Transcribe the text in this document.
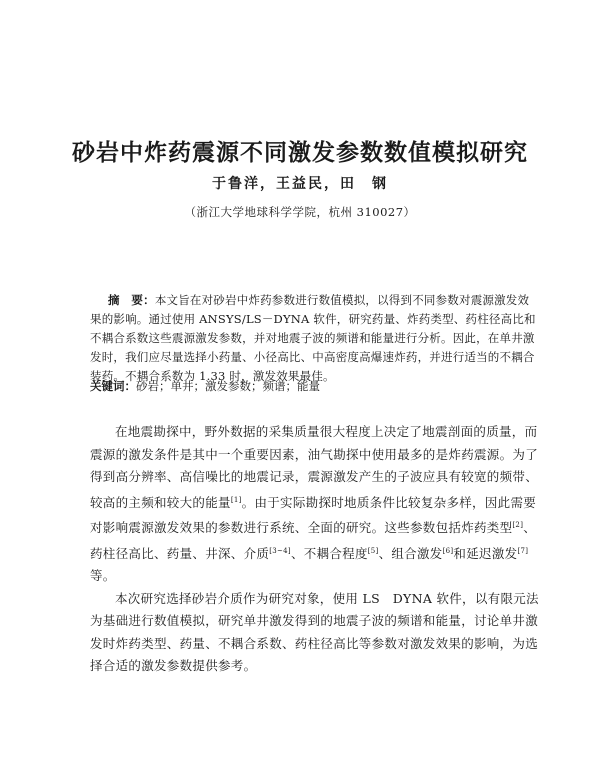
砂岩中炸药震源不同激发参数数值模拟研究
于鲁洋，王益民，田　钢
（浙江大学地球科学学院，杭州 310027）
摘　要：本文旨在对砂岩中炸药参数进行数值模拟，以得到不同参数对震源激发效果的影响。通过使用 ANSYS/LS－DYNA 软件，研究药量、炸药类型、药柱径高比和不耦合系数这些震源激发参数，并对地震子波的频谱和能量进行分析。因此，在单井激发时，我们应尽量选择小药量、小径高比、中高密度高爆速炸药，并进行适当的不耦合装药。不耦合系数为 1.33 时，激发效果最佳。
关键词：砂岩；单井；激发参数；频谱；能量

在地震勘探中，野外数据的采集质量很大程度上决定了地震剖面的质量，而震源的激发条件是其中一个重要因素，油气勘探中使用最多的是炸药震源。为了得到高分辨率、高信噪比的地震记录，震源激发产生的子波应具有较宽的频带、较高的主频和较大的能量[1]。由于实际勘探时地质条件比较复杂多样，因此需要对影响震源激发效果的参数进行系统、全面的研究。这些参数包括炸药类型[2]、药柱径高比、药量、井深、介质[3~4]、不耦合程度[5]、组合激发[6]和延迟激发[7]等。

本次研究选择砂岩介质作为研究对象，使用 LS　DYNA 软件，以有限元法为基础进行数值模拟，研究单井激发得到的地震子波的频谱和能量，讨论单井激发时炸药类型、药量、不耦合系数、药柱径高比等参数对激发效果的影响，为选择合适的激发参数提供参考。
